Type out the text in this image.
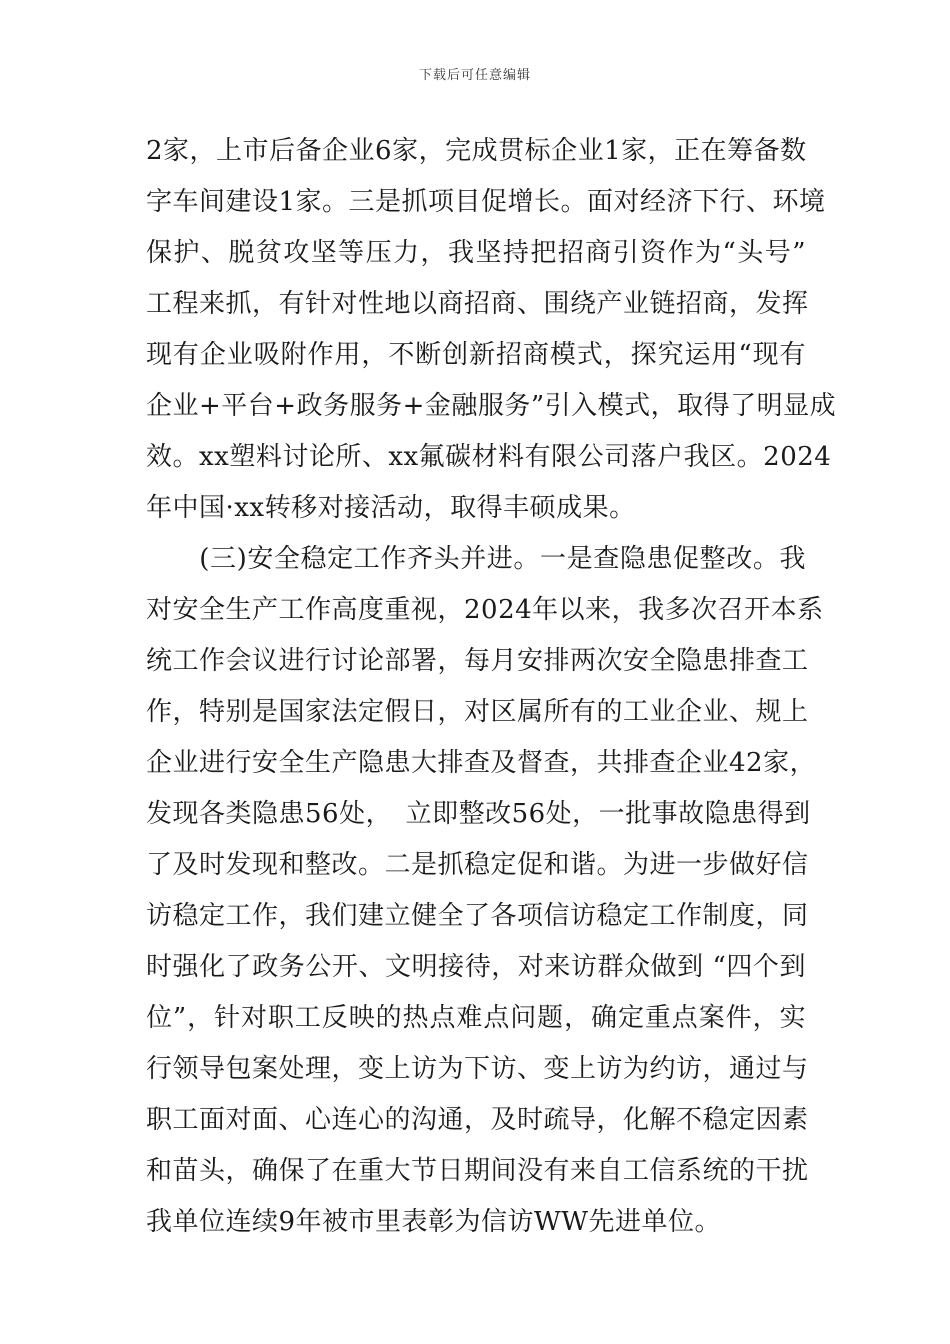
下载后可任意编辑
2家，上市后备企业6家，完成贯标企业1家，正在筹备数
字车间建设1家。三是抓项目促增长。面对经济下行、环境
保护、脱贫攻坚等压力，我坚持把招商引资作为“头号”
工程来抓，有针对性地以商招商、围绕产业链招商，发挥
现有企业吸附作用，不断创新招商模式，探究运用“现有
企业+平台+政务服务+金融服务”引入模式，取得了明显成
效。xx塑料讨论所、xx氟碳材料有限公司落户我区。2024
年中国·xx转移对接活动，取得丰硕成果。
　　(三)安全稳定工作齐头并进。一是查隐患促整改。我
对安全生产工作高度重视，2024年以来，我多次召开本系
统工作会议进行讨论部署，每月安排两次安全隐患排查工
作，特别是国家法定假日，对区属所有的工业企业、规上
企业进行安全生产隐患大排查及督查，共排查企业42家，
发现各类隐患56处，　立即整改56处，一批事故隐患得到
了及时发现和整改。二是抓稳定促和谐。为进一步做好信
访稳定工作，我们建立健全了各项信访稳定工作制度，同
时强化了政务公开、文明接待，对来访群众做到 “四个到
位”，针对职工反映的热点难点问题，确定重点案件，实
行领导包案处理，变上访为下访、变上访为约访，通过与
职工面对面、心连心的沟通，及时疏导，化解不稳定因素
和苗头，确保了在重大节日期间没有来自工信系统的干扰
我单位连续9年被市里表彰为信访WW先进单位。
